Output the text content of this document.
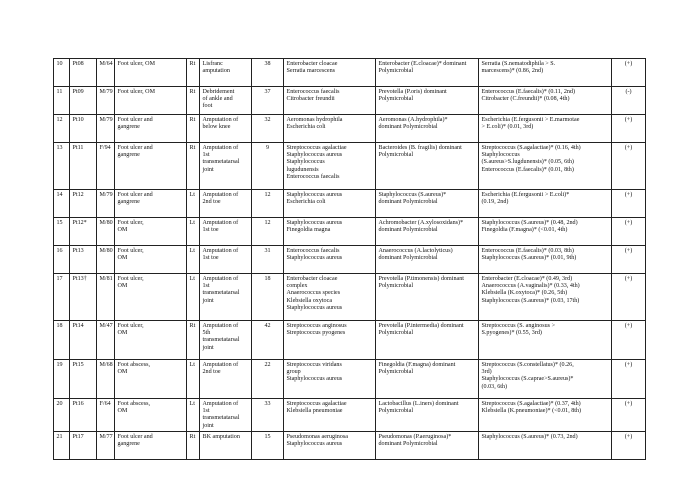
10	Pt08	M/64	Foot ulcer, OM	Rt	Lisfranc
amputation	38	Enterobacter cloacae
Serratia marcescens	Enterobacter (E.cloacae)* dominant
Polymicrobial	Serratia (S.nematodiphila > S.
marcescens)* (0.86, 2nd)	(+)

11	Pt09	M/79	Foot ulcer, OM	Rt	Debridement
of ankle and
foot	37	Enterococcus faecalis
Citrobacter freundii	Prevotella (P.oris) dominant
Polymicrobial	Enterococcus (E.faecalis)* (0.11, 2nd)
Citrobacter (C.freundii)* (0.08, 4th)	(-)

12	Pt10	M/79	Foot ulcer and
gangrene	Rt	Amputation of
below knee	32	Aeromonas hydrophila
Escherichia coli	Aeromonas (A.hydrophila)*
dominant Polymicrobial	Escherichia (E.fergusonii > E.marmotae
> E.coli)* (0.01, 3rd)	(+)

13	Pt11	F/94	Foot ulcer and
gangrene	Rt	Amputation of
1st
transmetatarsal
joint	9	Streptococcus agalactiae
Staphylococcus aureus
Staphylococcus
lugudunensis
Enterococcus faecalis	Bacteroides (B. fragilis) dominant
Polymicrobial	Streptococcus (S.agalactiae)* (0.16, 4th)
Staphylococcus
(S.aureus>S.lugdunensis)* (0.05, 6th)
Enterococcus (E.faecalis)* (0.01, 8th)	(+)

14	Pt12	M/79	Foot ulcer and
gangrene	Lt	Amputation of
2nd toe	12	Staphylococcus aureus
Escherichia coli	Staphylococcus (S.aureus)*
dominant Polymicrobial	Escherichia (E.fergusonii > E.coli)*
(0.19, 2nd)	(+)

15	Pt12*	M/80	Foot ulcer,
OM	Lt	Amputation of
1st toe	12	Staphylococcus aureus
Finegoldia magna	Achromobacter (A.xylosoxidans)*
dominant Polymicrobial	Staphylococcus (S.aureus)* (0.48, 2nd)
Finegoldia (F.magna)* (<0.01, 4th)	(+)

16	Pt13	M/80	Foot ulcer,
OM	Lt	Amputation of
1st toe	31	Enterococcus faecalis
Staphylococcus aureus	Anaerococcus (A.lactolyticus)
dominant Polymicrobial	Enterococcus (E.faecalis)* (0.03, 8th)
Staphylococcus (S.aureus)* (0.01, 9th)	(+)

17	Pt13†	M/81	Foot ulcer,
OM	Lt	Amputation of
1st
transmetatarsal
joint	18	Enterobacter cloacae
complex
Anaerococcus species
Klebsiella oxytoca
Staphylococcus aureus	Prevotella (P.timonensis) dominant
Polymicrobial	Enterobacter (E.cloacae)* (0.49, 3rd)
Anaerococcus (A.vaginalis)* (0.33, 4th)
Klebsiella (K.oxytoca)* (0.26, 5th)
Staphylococcus (S.aureus)* (0.03, 17th)	(+)

18	Pt14	M/47	Foot ulcer,
OM	Rt	Amputation of
5th
transmetatarsal
joint	42	Streptococcus anginosus
Streptococcus pyogenes	Prevotella (P.intermedia) dominant
Polymicrobial	Streptococcus (S. anginosus >
S.pyogenes)* (0.55, 3rd)	(+)

19	Pt15	M/68	Foot abscess,
OM	Lt	Amputation of
2nd toe	22	Streptococcus viridans
group
Staphylococcus aureus	Finegoldia (F.magna) dominant
Polymicrobial	Streptococcus (S.constellatus)* (0.26,
3rd)
Staphylococcus (S.caprae>S.aureus)*
(0.03, 6th)	(+)

20	Pt16	F/64	Foot abscess,
OM	Lt	Amputation of
1st
transmetatarsal
joint	33	Streptococcus agalactiae
Klebsiella pneumoniae	Lactobacillus (L.iners) dominant
Polymicrobial	Streptococcus (S.agalactiae)* (0.37, 4th)
Klebsiella (K.pneumoniae)* (<0.01, 8th)	(+)

21	Pt17	M/77	Foot ulcer and
gangrene	Rt	BK amputation	15	Pseudomonas aeruginosa
Staphylococcus aureus	Pseudomonas (P.aeruginosa)*
dominant Polymicrobial	Staphylococcus (S.aureus)* (0.73, 2nd)	(+)
